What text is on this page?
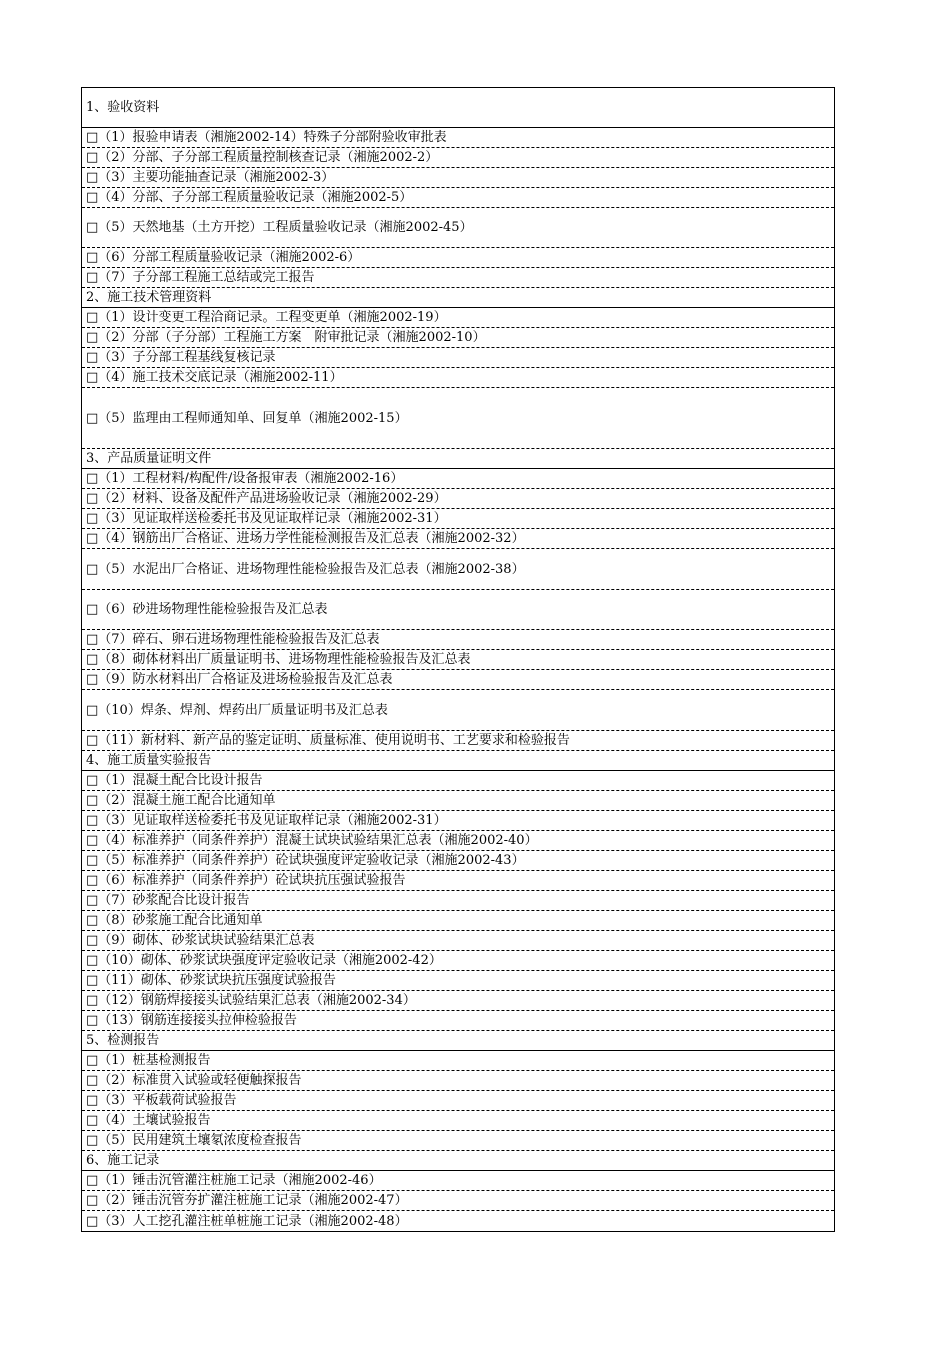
1、验收资料
□（1）报验申请表（湘施2002-14）特殊子分部附验收审批表
□（2）分部、子分部工程质量控制核查记录（湘施2002-2）
□（3）主要功能抽查记录（湘施2002-3）
□（4）分部、子分部工程质量验收记录（湘施2002-5）
□（5）天然地基（土方开挖）工程质量验收记录（湘施2002-45）
□（6）分部工程质量验收记录（湘施2002-6）
□（7）子分部工程施工总结或完工报告
2、施工技术管理资料
□（1）设计变更工程洽商记录。工程变更单（湘施2002-19）
□（2）分部（子分部）工程施工方案　附审批记录（湘施2002-10）
□（3）子分部工程基线复核记录
□（4）施工技术交底记录（湘施2002-11）
□（5）监理由工程师通知单、回复单（湘施2002-15）
3、产品质量证明文件
□（1）工程材料/构配件/设备报审表（湘施2002-16）
□（2）材料、设备及配件产品进场验收记录（湘施2002-29）
□（3）见证取样送检委托书及见证取样记录（湘施2002-31）
□（4）钢筋出厂合格证、进场力学性能检测报告及汇总表（湘施2002-32）
□（5）水泥出厂合格证、进场物理性能检验报告及汇总表（湘施2002-38）
□（6）砂进场物理性能检验报告及汇总表
□（7）碎石、卵石进场物理性能检验报告及汇总表
□（8）砌体材料出厂质量证明书、进场物理性能检验报告及汇总表
□（9）防水材料出厂合格证及进场检验报告及汇总表
□（10）焊条、焊剂、焊药出厂质量证明书及汇总表
□（11）新材料、新产品的鉴定证明、质量标准、使用说明书、工艺要求和检验报告
4、施工质量实验报告
□（1）混凝土配合比设计报告
□（2）混凝土施工配合比通知单
□（3）见证取样送检委托书及见证取样记录（湘施2002-31）
□（4）标准养护（同条件养护）混凝土试块试验结果汇总表（湘施2002-40）
□（5）标准养护（同条件养护）砼试块强度评定验收记录（湘施2002-43）
□（6）标准养护（同条件养护）砼试块抗压强试验报告
□（7）砂浆配合比设计报告
□（8）砂浆施工配合比通知单
□（9）砌体、砂浆试块试验结果汇总表
□（10）砌体、砂浆试块强度评定验收记录（湘施2002-42）
□（11）砌体、砂浆试块抗压强度试验报告
□（12）钢筋焊接接头试验结果汇总表（湘施2002-34）
□（13）钢筋连接接头拉伸检验报告
5、检测报告
□（1）桩基检测报告
□（2）标准贯入试验或轻便触探报告
□（3）平板载荷试验报告
□（4）土壤试验报告
□（5）民用建筑土壤氡浓度检查报告
6、施工记录
□（1）锤击沉管灌注桩施工记录（湘施2002-46）
□（2）锤击沉管夯扩灌注桩施工记录（湘施2002-47）
□（3）人工挖孔灌注桩单桩施工记录（湘施2002-48）
